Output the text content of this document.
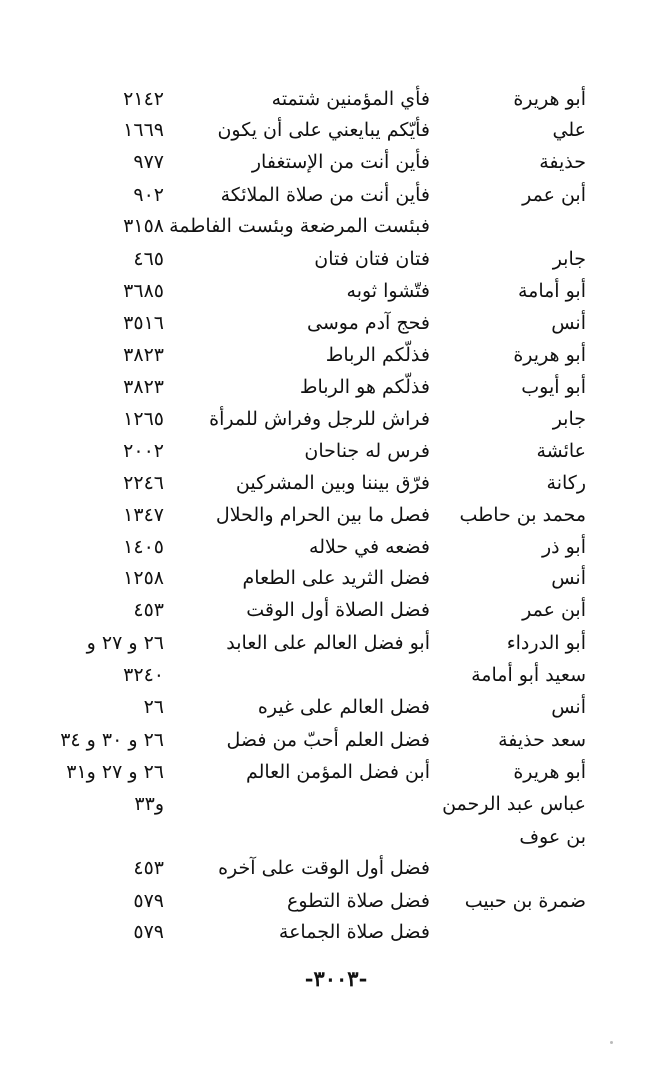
أبو هريرة
فأي المؤمنين شتمته
٢١٤٢
علي
فأيّكم يبايعني على أن يكون
١٦٦٩
حذيفة
فأين أنت من الإستغفار
٩٧٧
أبن عمر
فأين أنت من صلاة الملائكة
٩٠٢
فبئست المرضعة وبئست الفاطمة
٣١٥٨
جابر
فتان فتان فتان
٤٦٥
أبو أمامة
فتّشوا ثوبه
٣٦٨٥
أنس
فحج آدم موسى
٣٥١٦
أبو هريرة
فذلّكم الرباط
٣٨٢٣
أبو أيوب
فذلّكم هو الرباط
٣٨٢٣
جابر
فراش للرجل وفراش للمرأة
١٢٦٥
عائشة
فرس له جناحان
٢٠٠٢
ركانة
فرّق بيننا وبين المشركين
٢٢٤٦
محمد بن حاطب
فصل ما بين الحرام والحلال
١٣٤٧
أبو ذر
فضعه في حلاله
١٤٠٥
أنس
فضل الثريد على الطعام
١٢٥٨
أبن عمر
فضل الصلاة أول الوقت
٤٥٣
أبو الدرداء
أبو فضل العالم على العابد
٢٦ و ٢٧ و
سعيد أبو أمامة
٣٢٤٠
أنس
فضل العالم على غيره
٢٦
سعد حذيفة
فضل العلم أحبّ من فضل
٢٦ و ٣٠ و ٣٤
أبو هريرة
أبن فضل المؤمن العالم
٢٦ و ٢٧ و٣١
عباس عبد الرحمن
و٣٣
بن عوف
فضل أول الوقت على آخره
٤٥٣
ضمرة بن حبيب
فضل صلاة التطوع
٥٧٩
فضل صلاة الجماعة
٥٧٩
-٣٠٠٣-
